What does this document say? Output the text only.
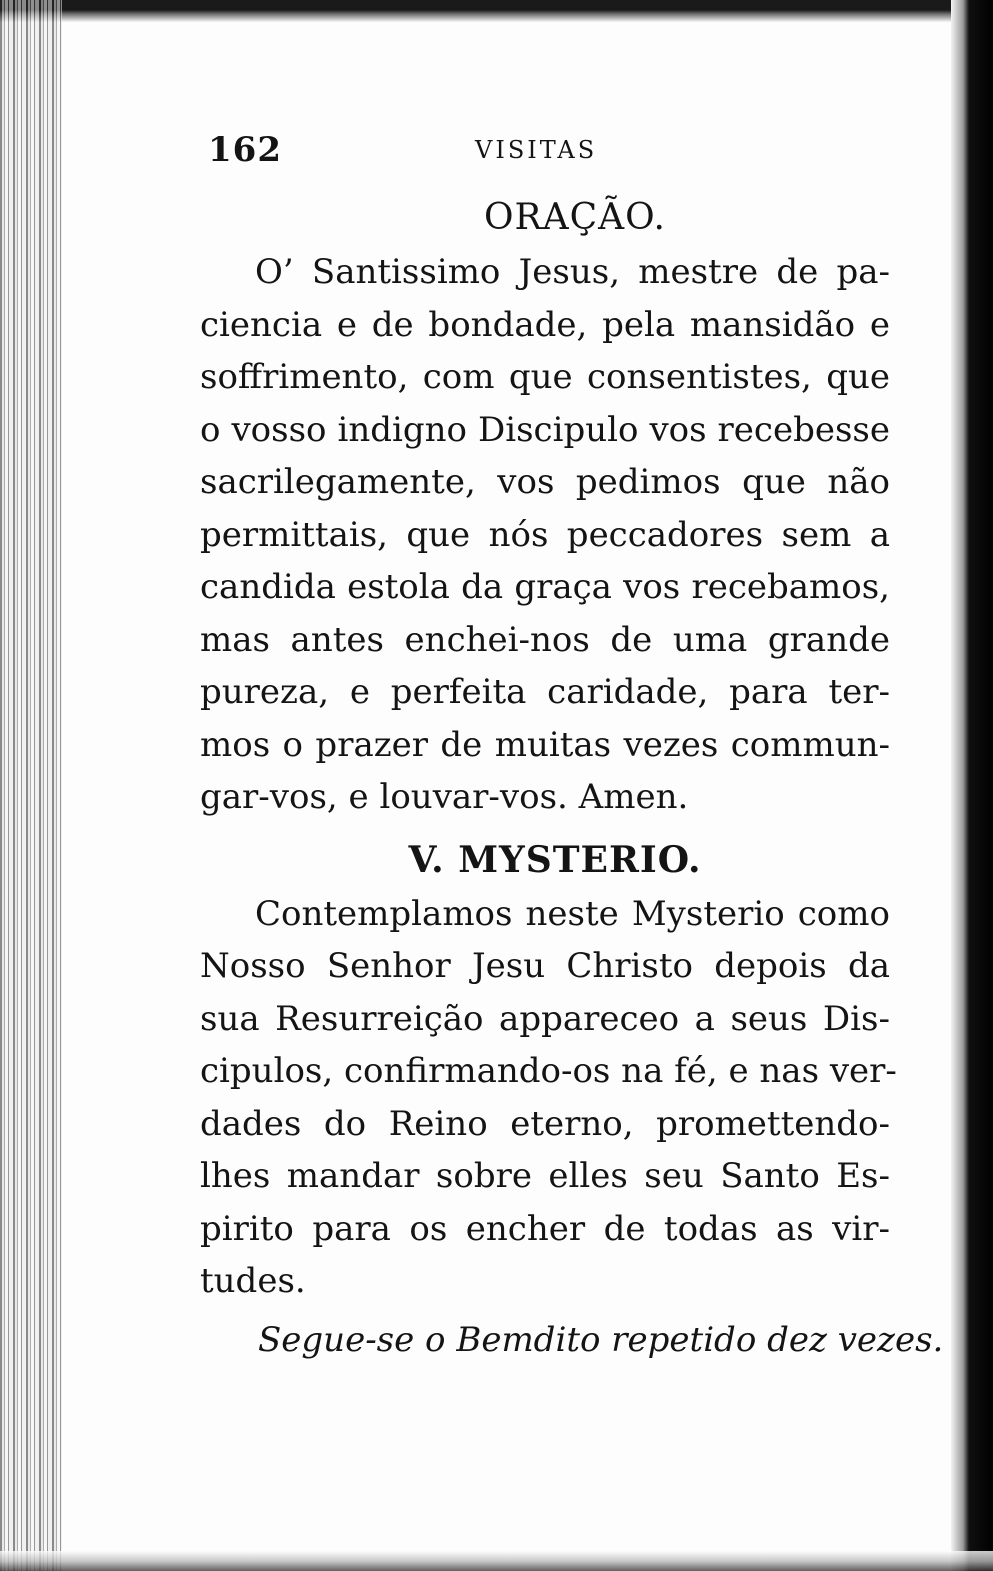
162	VISITAS
ORAÇÃO.
O’ Santissimo Jesus, mestre de pa-
ciencia e de bondade, pela mansidão e
soffrimento, com que consentistes, que
o vosso indigno Discipulo vos recebesse
sacrilegamente, vos pedimos que não
permittais, que nós peccadores sem a
candida estola da graça vos recebamos,
mas antes enchei-nos de uma grande
pureza, e perfeita caridade, para ter-
mos o prazer de muitas vezes commun-
gar-vos, e louvar-vos. Amen.
V. MYSTERIO.
Contemplamos neste Mysterio como
Nosso Senhor Jesu Christo depois da
sua Resurreição appareceo a seus Dis-
cipulos, confirmando-os na fé, e nas ver-
dades do Reino eterno, promettendo-
lhes mandar sobre elles seu Santo Es-
pirito para os encher de todas as vir-
tudes.

Segue-se o Bemdito repetido dez vezes.
